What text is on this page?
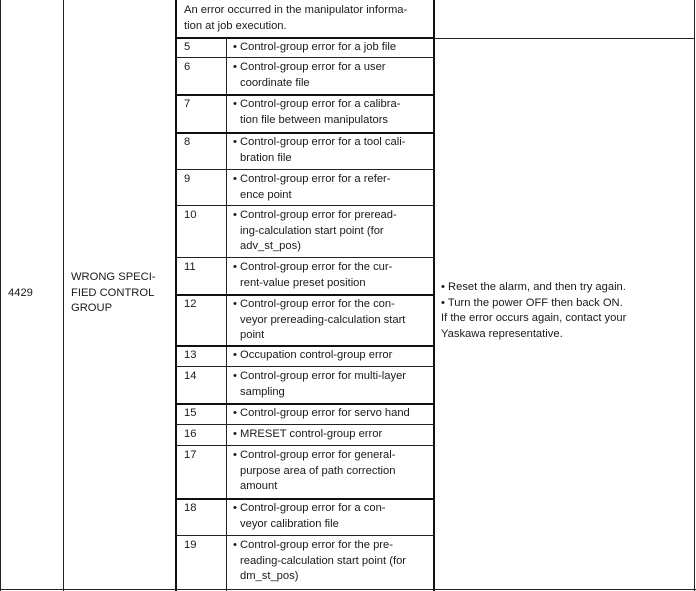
4429
WRONG SPECI-
FIED CONTROL
GROUP
An error occurred in the manipulator informa-
tion at job execution.
• Reset the alarm, and then try again.
• Turn the power OFF then back ON.
If the error occurs again, contact your
Yaskawa representative.
5	• Control-group error for a job file
6	• Control-group error for a user
coordinate file
7	• Control-group error for a calibra-
tion file between manipulators
8	• Control-group error for a tool cali-
bration file
9	• Control-group error for a refer-
ence point
10	• Control-group error for preread-
ing-calculation start point (for
adv_st_pos)
11	• Control-group error for the cur-
rent-value preset position
12	• Control-group error for the con-
veyor prereading-calculation start
point
13	• Occupation control-group error
14	• Control-group error for multi-layer
sampling
15	• Control-group error for servo hand
16	• MRESET control-group error
17	• Control-group error for general-
purpose area of path correction
amount
18	• Control-group error for a con-
veyor calibration file
19	• Control-group error for the pre-
reading-calculation start point (for
dm_st_pos)
